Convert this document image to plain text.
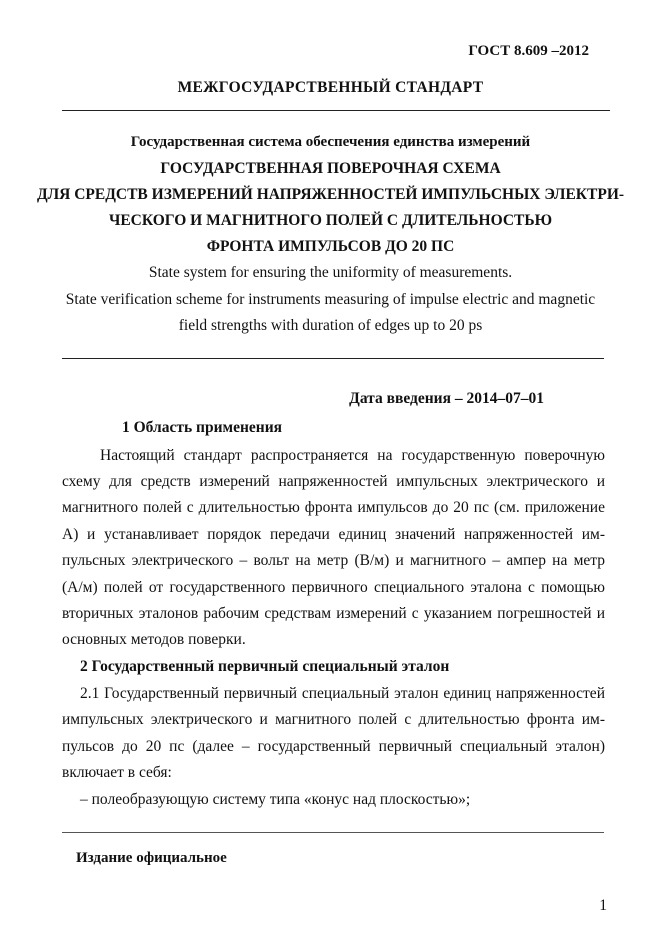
ГОСТ 8.609 –2012
МЕЖГОСУДАРСТВЕННЫЙ СТАНДАРТ
Государственная система обеспечения единства измерений
ГОСУДАРСТВЕННАЯ ПОВЕРОЧНАЯ СХЕМА
ДЛЯ СРЕДСТВ ИЗМЕРЕНИЙ НАПРЯЖЕННОСТЕЙ ИМПУЛЬСНЫХ ЭЛЕКТРИ-
ЧЕСКОГО И МАГНИТНОГО ПОЛЕЙ С ДЛИТЕЛЬНОСТЬЮ
ФРОНТА ИМПУЛЬСОВ ДО 20 ПС
State system for ensuring the uniformity of measurements.
State verification scheme for instruments measuring of impulse electric and magnetic
field strengths with duration of edges up to 20 ps
Дата введения – 2014–07–01
1 Область применения
Настоящий стандарт распространяется на государственную поверочную
схему для средств измерений напряженностей импульсных электрического и
магнитного полей с длительностью фронта импульсов до 20 пс (см. приложение
А) и устанавливает порядок передачи единиц значений напряженностей им-
пульсных электрического – вольт на метр (В/м) и магнитного – ампер на метр
(А/м) полей от государственного первичного специального эталона с помощью
вторичных эталонов рабочим средствам измерений с указанием погрешностей и
основных методов поверки.
2 Государственный первичный специальный эталон
2.1 Государственный первичный специальный эталон единиц напряженностей
импульсных электрического и магнитного полей с длительностью фронта им-
пульсов до 20 пс (далее – государственный первичный специальный эталон)
включает в себя:
– полеобразующую систему типа «конус над плоскостью»;
Издание официальное
1
